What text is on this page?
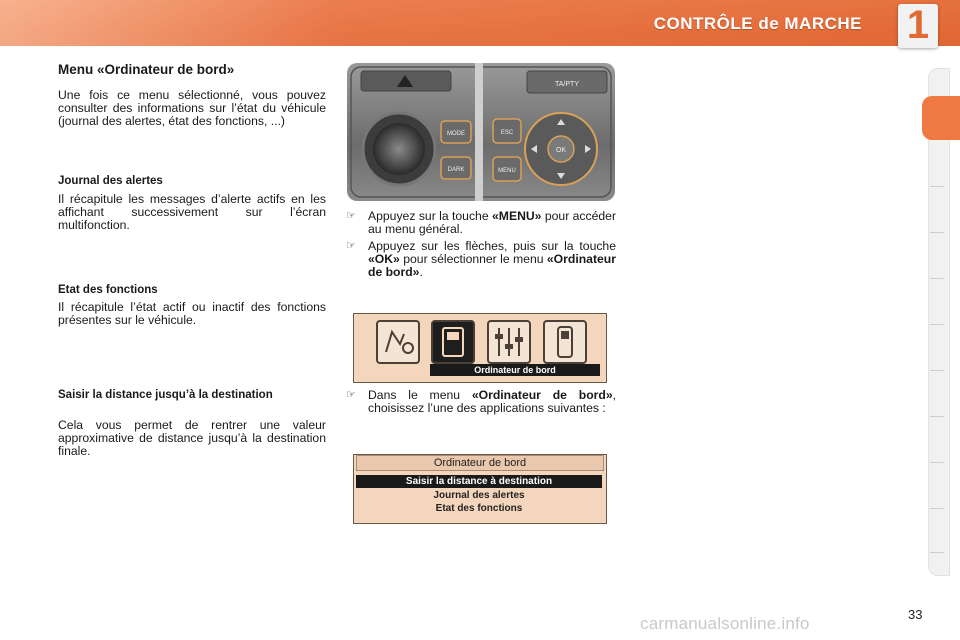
CONTRÔLE de MARCHE 1
Menu «Ordinateur de bord»

Une fois ce menu sélectionné, vous pouvez consulter des informations sur l’état du véhicule (journal des alertes, état des fonctions, ...)

Journal des alertes

Il récapitule les messages d’alerte actifs en les affichant successivement sur l’écran multifonction.

Etat des fonctions

Il récapitule l’état actif ou inactif des fonctions présentes sur le véhicule.

Saisir la distance jusqu’à la destination

Cela vous permet de rentrer une valeur approximative de distance jusqu’à la destination finale.

TA/PTY
MODE
DARK
ESC
MENU
OK
☞ Appuyez sur la touche «MENU» pour accéder au menu général.
☞ Appuyez sur les flèches, puis sur la touche «OK» pour sélectionner le menu «Ordinateur de bord».
Ordinateur de bord
☞ Dans le menu «Ordinateur de bord», choisissez l’une des applications suivantes :
Ordinateur de bord
Saisir la distance à destination
Journal des alertes
Etat des fonctions
carmanualsonline.info	33
